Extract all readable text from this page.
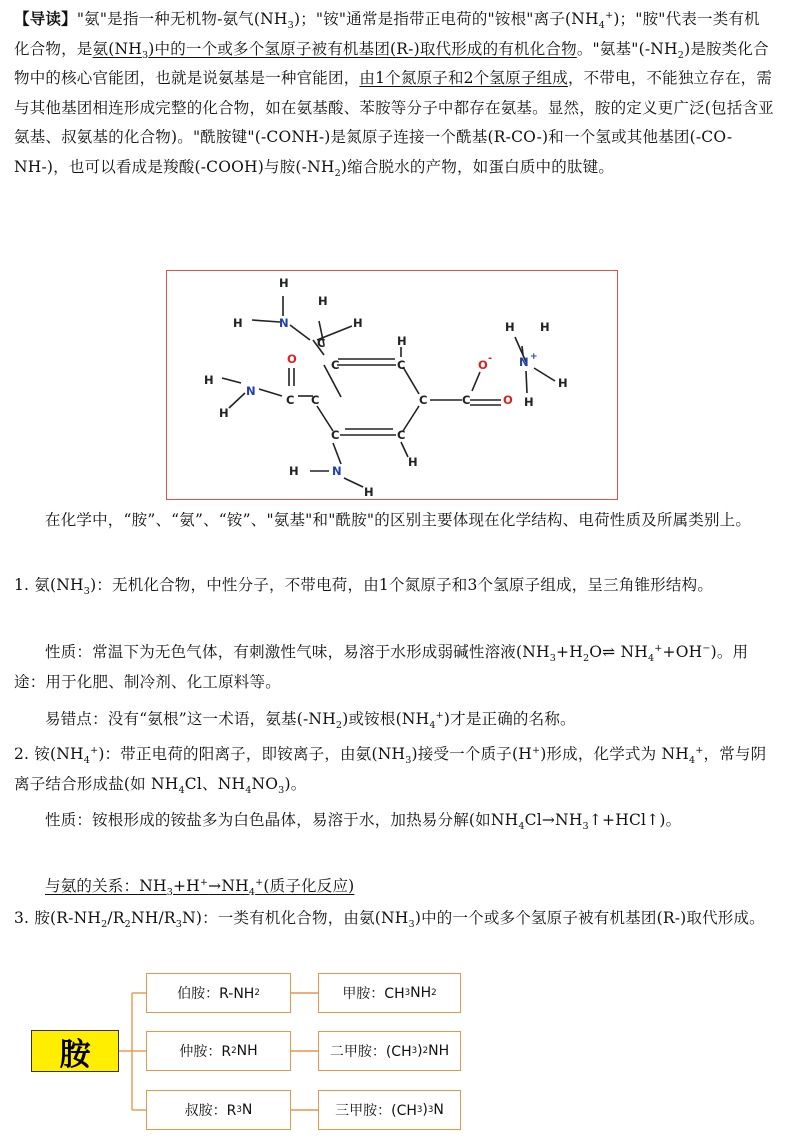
【导读】"氨"是指一种无机物-氨气$(NH_3)$；"铵"通常是指带正电荷的"铵根"离子$(NH_4^+)$；"胺"代表一类有机化合物，是氨$(NH_3)$中的一个或多个氢原子被有机基团(R-)取代形成的有机化合物。"氨基"$(-NH_2)$是胺类化合物中的核心官能团，也就是说氨基是一种官能团，由1个氮原子和2个氢原子组成，不带电，不能独立存在，需与其他基团相连形成完整的化合物，如在氨基酸、苯胺等分子中都存在氨基。显然，胺的定义更广泛(包括含亚氨基、叔氨基的化合物)。"酰胺键"(-CONH-)是氮原子连接一个酰基(R-CO-)和一个氢或其他基团(-CO-NH-)，也可以看成是羧酸(-COOH)与胺$(-NH_2)$缩合脱水的产物，如蛋白质中的肽键。

H
H
H	N	H
C
O
H
C	C
H
N
H
C C	C	C	O
O -
H H
N +
H
H
C	C
H
H	N
H

在化学中，“胺”、“氨”、“铵”、"氨基"和"酰胺"的区别主要体现在化学结构、电荷性质及所属类别上。

1. 氨$(NH_3)$：无机化合物，中性分子，不带电荷，由1个氮原子和3个氢原子组成，呈三角锥形结构。

性质：常温下为无色气体，有刺激性气味，易溶于水形成弱碱性溶液($NH_3+H_2O\rightleftharpoons$ $NH_4^++OH^-$)。用途：用于化肥、制冷剂、化工原料等。

易错点：没有“氨根”这一术语，氨基$(-NH_2)$或铵根$(NH_4^+)$才是正确的名称。

2. 铵$(NH_4^+)$：带正电荷的阳离子，即铵离子，由氨$(NH_3)$接受一个质子(H+)形成，化学式为 $NH_4^+$，常与阴离子结合形成盐(如 $NH_4Cl$、$NH_4NO_3$)。

性质：铵根形成的铵盐多为白色晶体，易溶于水，加热易分解(如$NH_4Cl\to NH_3↑+HCl↑$)。

与氨的关系：$NH_3+H^+\to NH_4^+$(质子化反应)

3. 胺$(R-NH_2/R_2NH/R_3N)$：一类有机化合物，由氨$(NH_3)$中的一个或多个氢原子被有机基团(R-)取代形成。

胺
伯胺：R-NH 2	甲胺：CH 3 NH 2
仲胺：R 2 NH	二甲胺：(CH 3 ) 2 NH
叔胺：R 3 N	三甲胺：(CH 3 ) 3 N
